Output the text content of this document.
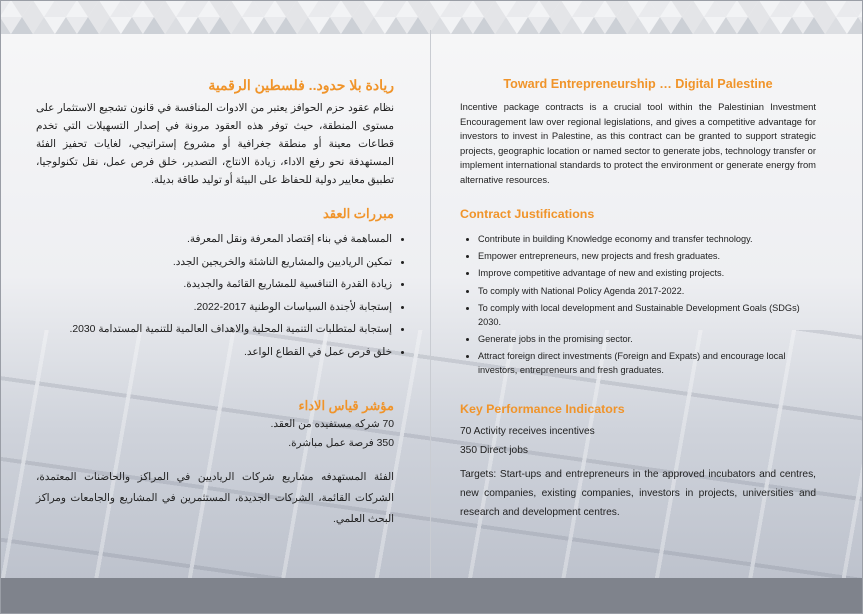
ريادة بلا حدود.. فلسطين الرقمية
نظام عقود حزم الحوافز يعتبر من الادوات المنافسة في قانون تشجيع الاستثمار على مستوى المنطقة، حيث توفر هذه العقود مرونة في إصدار التسهيلات التي تخدم قطاعات معينة أو منطقة جغرافية أو مشروع إستراتيجي، لغايات تحفيز الفئة المستهدفة نحو رفع الاداء، زيادة الانتاج، التصدير، خلق فرص عمل، نقل تكنولوجيا، تطبيق معايير دولية للحفاظ على البيئة أو توليد طاقة بديلة.
مبررات العقد
• المساهمة في بناء إقتصاد المعرفة ونقل المعرفة.
• تمكين الرياديين والمشاريع الناشئة والخريجين الجدد.
• زيادة القدرة التنافسية للمشاريع القائمة والجديدة.
• إستجابة لأجندة السياسات الوطنية 2017-2022.
• إستجابة لمتطلبات التنمية المحلية والاهداف العالمية للتنمية المستدامة 2030.
• خلق فرص عمل في القطاع الواعد.
مؤشر قياس الاداء
70 شركه مستفيده من العقد.
350 فرصة عمل مباشرة.
الفئة المستهدفه مشاريع شركات الرياديين في المراكز والحاضنات المعتمدة، الشركات القائمة، الشركات الجديدة، المستثمرين في المشاريع والجامعات ومراكز البحث العلمي.
Toward Entrepreneurship … Digital Palestine
Incentive package contracts is a crucial tool within the Palestinian Investment Encouragement law over regional legislations, and gives a competitive advantage for investors to invest in Palestine, as this contract can be granted to support strategic projects, geographic location or named sector to generate jobs, technology transfer or implement international standards to protect the environment or generate energy from alternative resources.
Contract Justifications
• Contribute in building Knowledge economy and transfer technology.
• Empower entrepreneurs, new projects and fresh graduates.
• Improve competitive advantage of new and existing projects.
• To comply with National Policy Agenda 2017-2022.
• To comply with local development and Sustainable Development Goals (SDGs) 2030.
• Generate jobs in the promising sector.
• Attract foreign direct investments (Foreign and Expats) and encourage local investors, entrepreneurs and fresh graduates.
Key Performance Indicators
70 Activity receives incentives
350 Direct jobs
Targets: Start-ups and entrepreneurs in the approved incubators and centres, new companies, existing companies, investors in projects, universities and research and development centres.
